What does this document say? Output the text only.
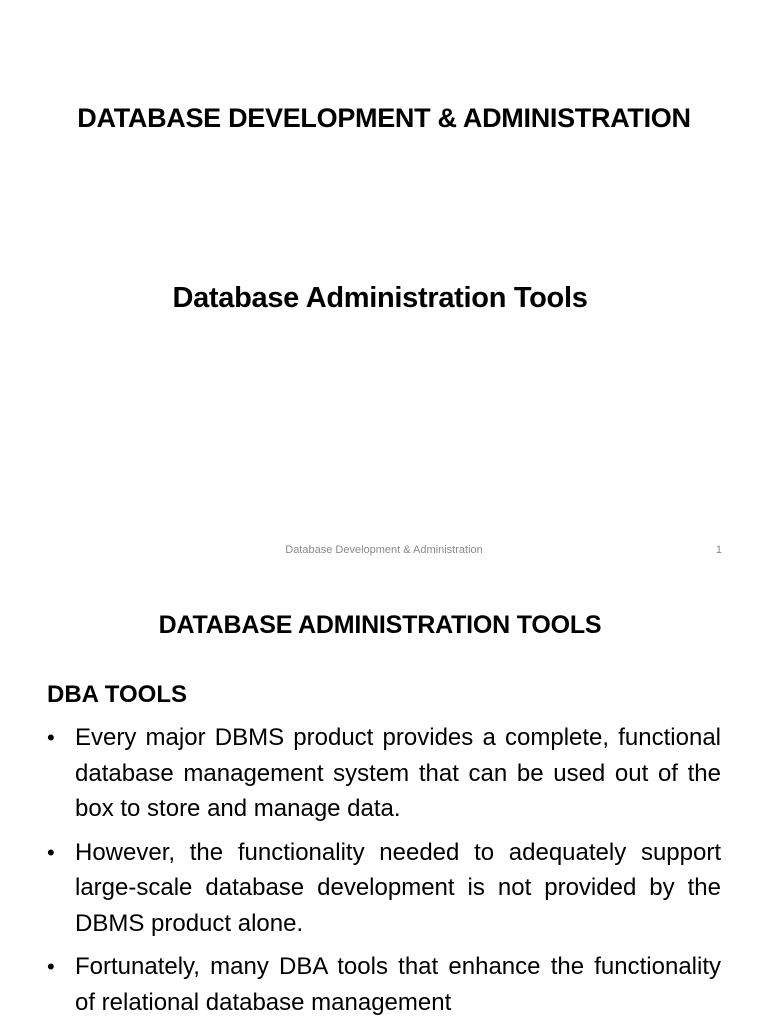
DATABASE DEVELOPMENT & ADMINISTRATION
Database Administration Tools
Database Development & Administration	1
DATABASE ADMINISTRATION TOOLS
DBA TOOLS
• Every major DBMS product provides a complete, functional database management system that can be used out of the box to store and manage data.
• However, the functionality needed to adequately support large-scale database development is not provided by the DBMS product alone.
• Fortunately, many DBA tools that enhance the functionality of relational database management
